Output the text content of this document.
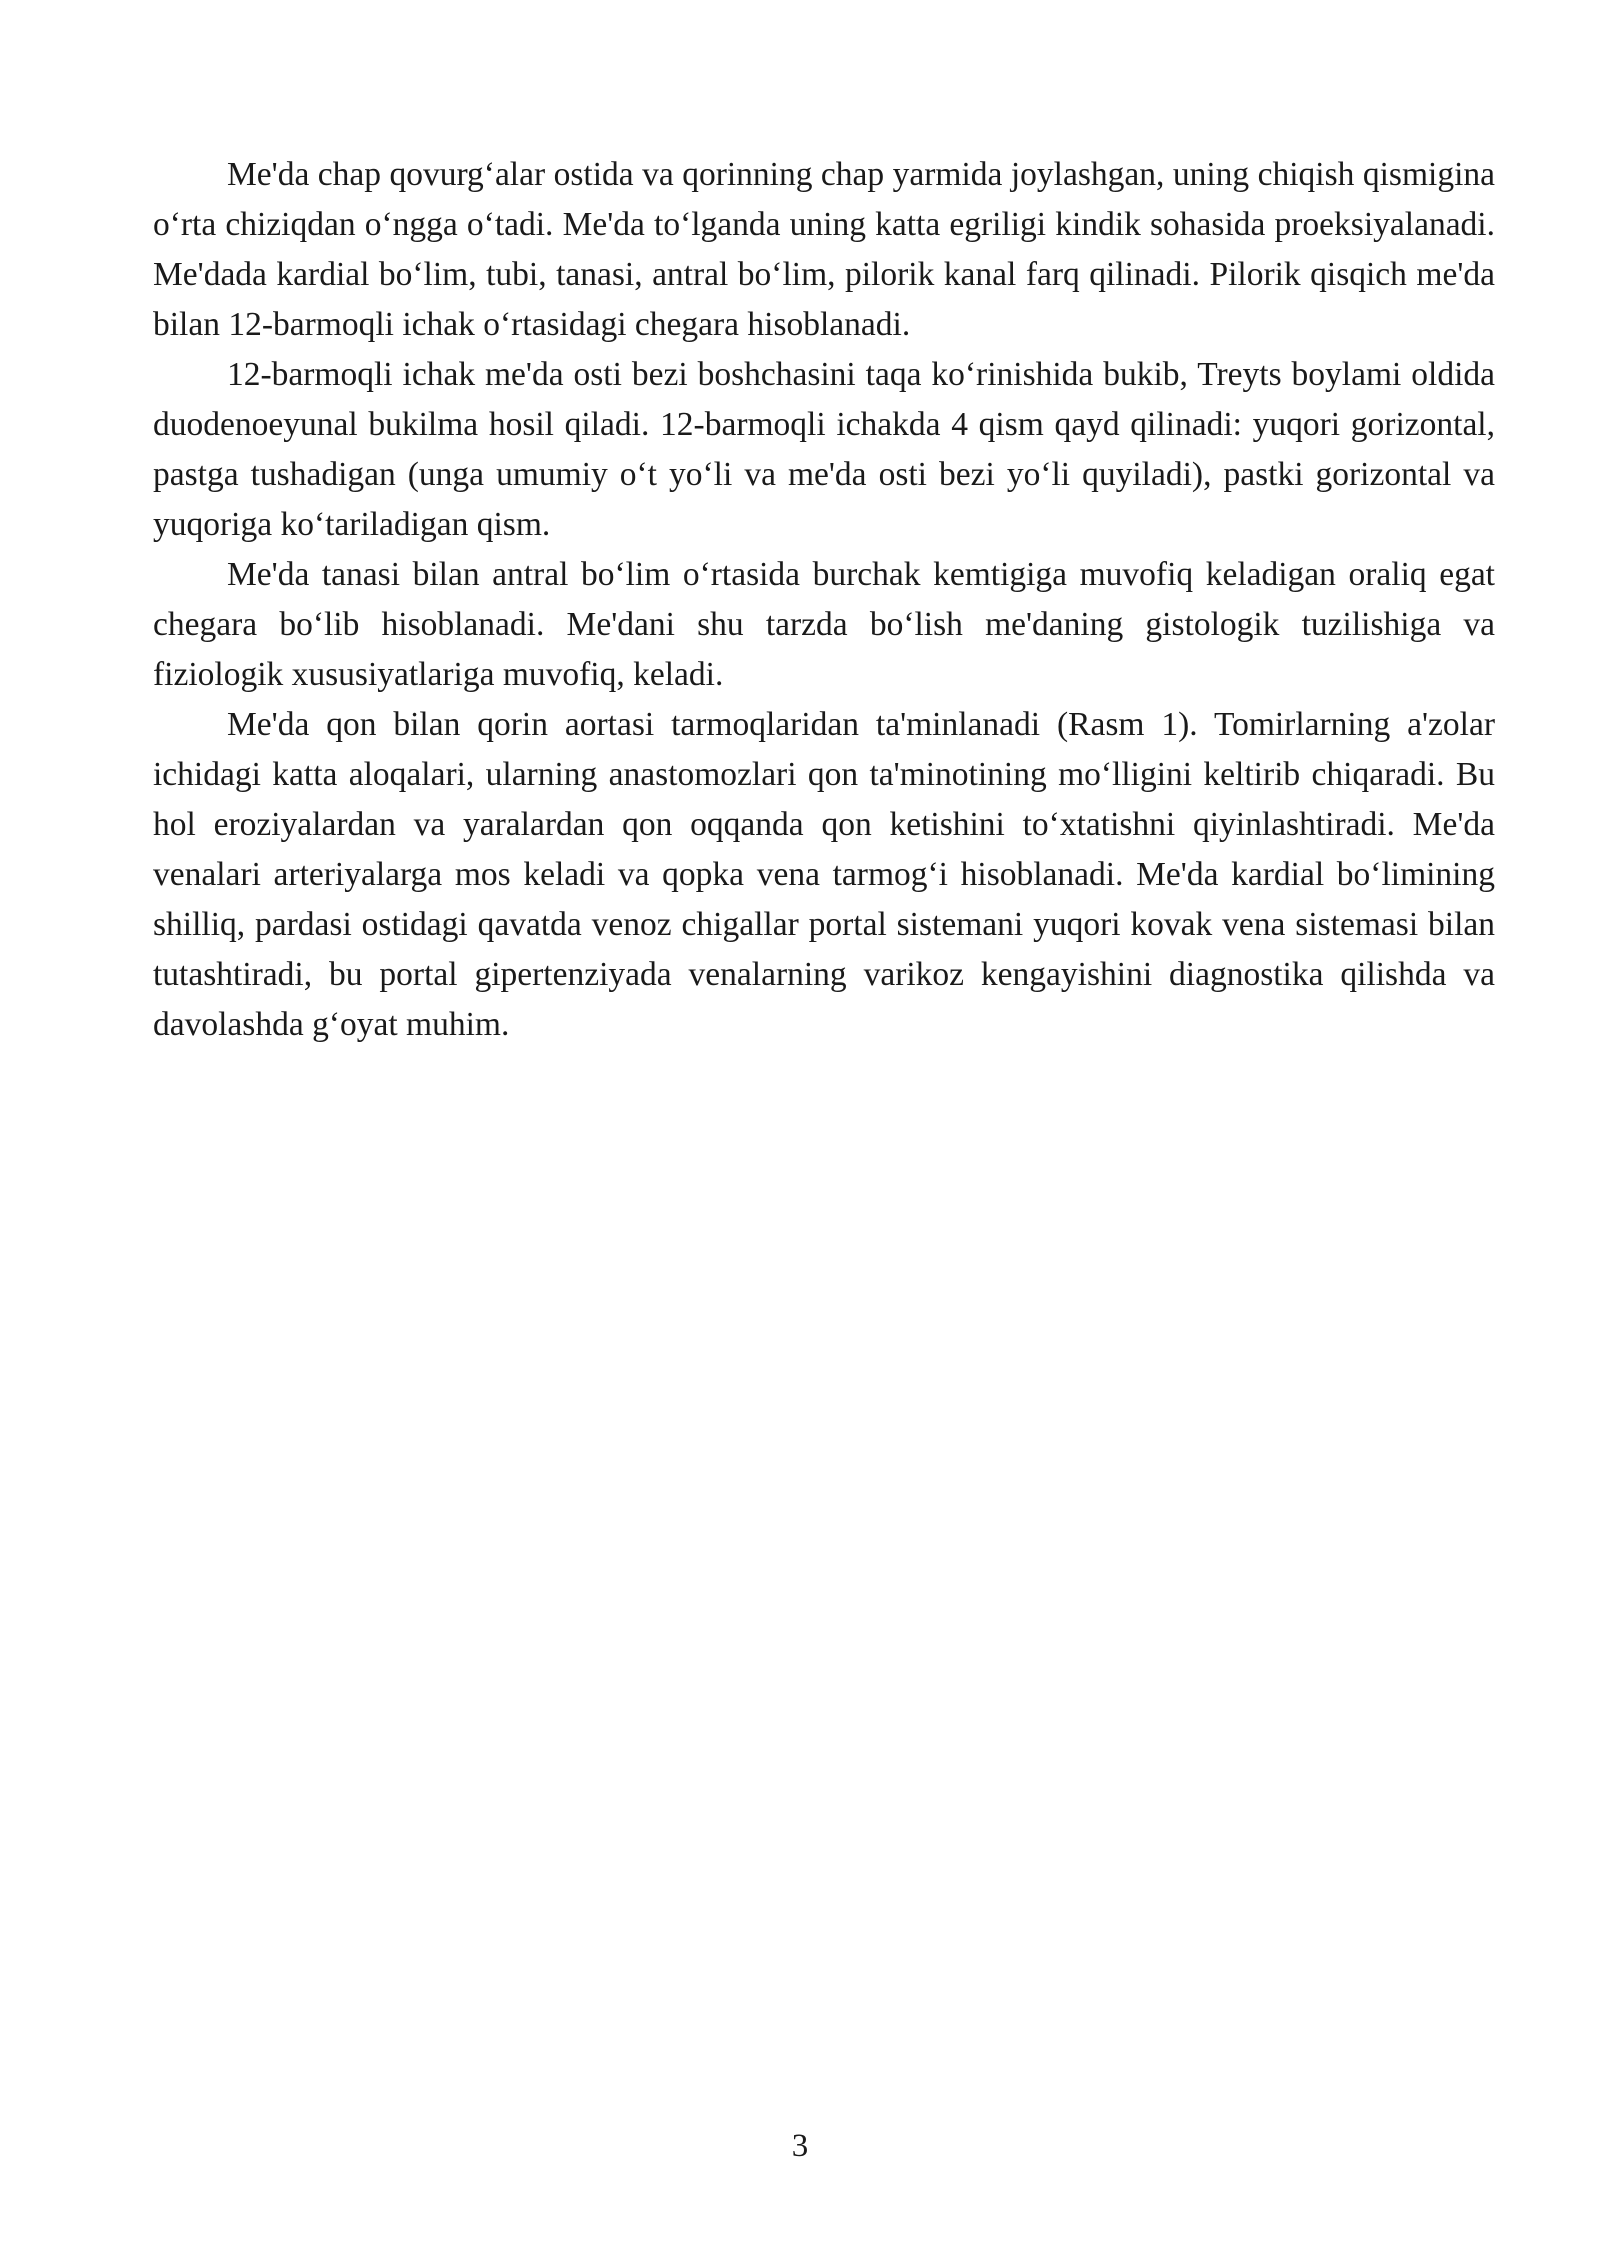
Me'da chap qovurg‘alar ostida va qorinning chap yarmida joylashgan, uning chiqish qismigina o‘rta chiziqdan o‘ngga o‘tadi. Me'da to‘lganda uning katta egriligi kindik sohasida proeksiyalanadi. Me'dada kardial bo‘lim, tubi, tanasi, antral bo‘lim, pilorik kanal farq qilinadi. Pilorik qisqich me'da bilan 12-barmoqli ichak o‘rtasidagi chegara hisoblanadi.

12-barmoqli ichak me'da osti bezi boshchasini taqa ko‘rinishida bukib, Treyts boylami oldida duodenoeyunal bukilma hosil qiladi. 12-barmoqli ichakda 4 qism qayd qilinadi: yuqori gorizontal, pastga tushadigan (unga umumiy o‘t yo‘li va me'da osti bezi yo‘li quyiladi), pastki gorizontal va yuqoriga ko‘tariladigan qism.

Me'da tanasi bilan antral bo‘lim o‘rtasida burchak kemtigiga muvofiq keladigan oraliq egat chegara bo‘lib hisoblanadi. Me'dani shu tarzda bo‘lish me'daning gistologik tuzilishiga va fiziologik xususiyatlariga muvofiq, keladi.

Me'da qon bilan qorin aortasi tarmoqlaridan ta'minlanadi (Rasm 1). Tomirlarning a'zolar ichidagi katta aloqalari, ularning anastomozlari qon ta'minotining mo‘lligini keltirib chiqaradi. Bu hol eroziyalardan va yaralardan qon oqqanda qon ketishini to‘xtatishni qiyinlashtiradi. Me'da venalari arteriyalarga mos keladi va qopka vena tarmog‘i hisoblanadi. Me'da kardial bo‘limining shilliq, pardasi ostidagi qavatda venoz chigallar portal sistemani yuqori kovak vena sistemasi bilan tutashtiradi, bu portal gipertenziyada venalarning varikoz kengayishini diagnostika qilishda va davolashda g‘oyat muhim.

3
